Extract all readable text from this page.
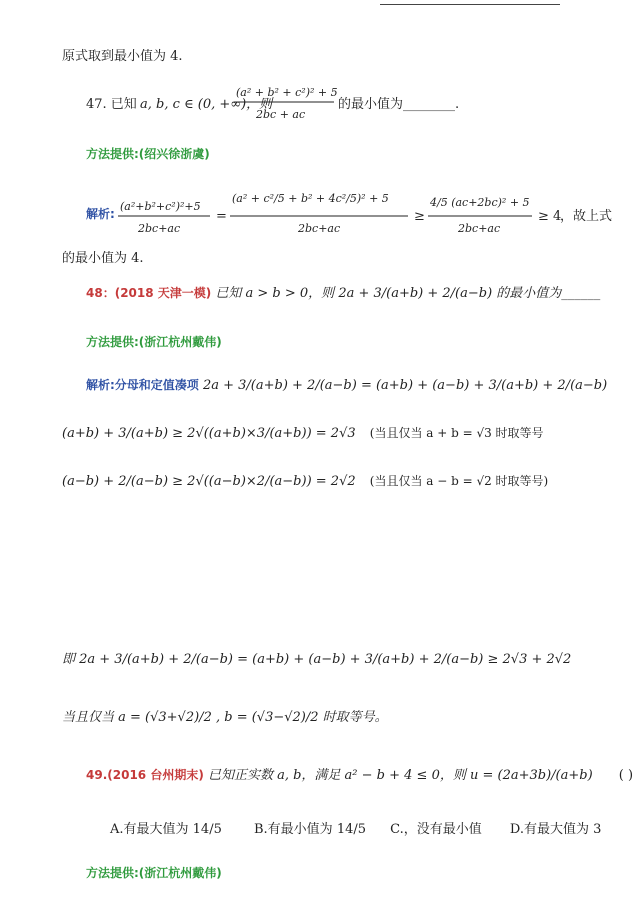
原式取到最小值为 4.
47. 已知 a, b, c ∈ (0, +∞)，则
(a² + b² + c²)² + 5
2bc + ac
的最小值为________.
方法提供:(绍兴徐浙虞)
解析:
(a²+b²+c²)²+5
2bc+ac
=
(a² + c²/5 + b² + 4c²/5)² + 5
2bc+ac
≥
4/5 (ac+2bc)² + 5
2bc+ac
≥ 4
，故上式
的最小值为 4.
48：(2018 天津一模) 已知 a > b > 0，则 2a + 3/(a+b) + 2/(a−b) 的最小值为______
方法提供:(浙江杭州戴伟)
解析:分母和定值凑项 2a + 3/(a+b) + 2/(a−b) = (a+b) + (a−b) + 3/(a+b) + 2/(a−b)
(a+b) + 3/(a+b) ≥ 2√((a+b)×3/(a+b)) = 2√3 (当且仅当 a + b = √3 时取等号
(a−b) + 2/(a−b) ≥ 2√((a−b)×2/(a−b)) = 2√2 (当且仅当 a − b = √2 时取等号)
即 2a + 3/(a+b) + 2/(a−b) = (a+b) + (a−b) + 3/(a+b) + 2/(a−b) ≥ 2√3 + 2√2
当且仅当 a = (√3+√2)/2 , b = (√3−√2)/2 时取等号。
49.(2016 台州期末) 已知正实数 a, b，满足 a² − b + 4 ≤ 0，则 u = (2a+3b)/(a+b) ( )
A.有最大值为 14/5 B.有最小值为 14/5 C.，没有最小值 D.有最大值为 3
方法提供:(浙江杭州戴伟)
